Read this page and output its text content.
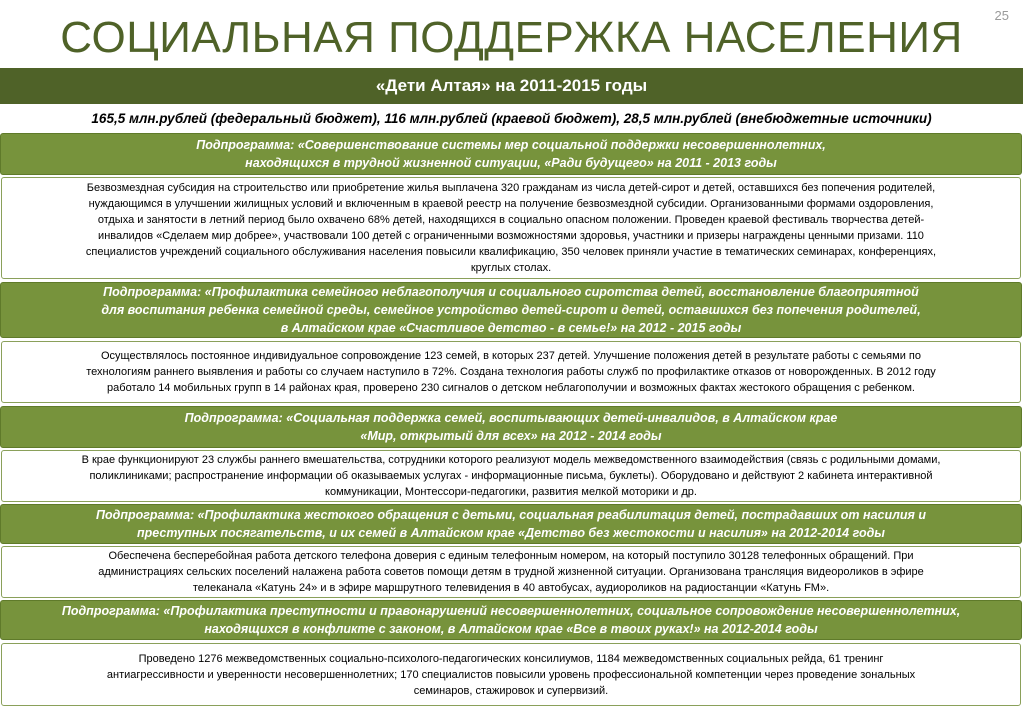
25
СОЦИАЛЬНАЯ ПОДДЕРЖКА НАСЕЛЕНИЯ
«Дети Алтая» на 2011-2015 годы
165,5 млн.рублей (федеральный бюджет), 116 млн.рублей (краевой бюджет), 28,5 млн.рублей (внебюджетные источники)
Подпрограмма: «Совершенствование системы мер социальной поддержки несовершеннолетних,
находящихся в трудной жизненной ситуации, «Ради будущего» на 2011 - 2013 годы
Безвозмездная субсидия на строительство или приобретение жилья выплачена 320 гражданам из числа детей-сирот и детей, оставшихся без попечения родителей,
нуждающимся в улучшении жилищных условий и включенным в краевой реестр на получение безвозмездной субсидии. Организованными формами оздоровления,
отдыха и занятости в летний период было охвачено 68% детей, находящихся в социально опасном положении. Проведен краевой фестиваль творчества детей-
инвалидов «Сделаем мир добрее», участвовали 100 детей с ограниченными возможностями здоровья, участники и призеры награждены ценными призами. 110
специалистов учреждений социального обслуживания населения повысили квалификацию, 350 человек приняли участие в тематических семинарах, конференциях,
круглых столах.
Подпрограмма: «Профилактика семейного неблагополучия и социального сиротства детей, восстановление благоприятной
для воспитания ребенка семейной среды, семейное устройство детей-сирот и детей, оставшихся без попечения родителей,
в Алтайском крае «Счастливое детство - в семье!» на 2012 - 2015 годы
Осуществлялось постоянное индивидуальное сопровождение 123 семей, в которых 237 детей. Улучшение положения детей в результате работы с семьями по
технологиям раннего выявления и работы со случаем наступило в 72%. Создана технология работы служб по профилактике отказов от новорожденных. В 2012 году
работало 14 мобильных групп в 14 районах края, проверено 230 сигналов о детском неблагополучии и возможных фактах жестокого обращения с ребенком.
Подпрограмма: «Социальная поддержка семей, воспитывающих детей-инвалидов, в Алтайском крае
«Мир, открытый для всех» на 2012 - 2014 годы
В крае функционируют 23 службы раннего вмешательства, сотрудники которого реализуют модель межведомственного взаимодействия (связь с родильными домами,
поликлиниками; распространение информации об оказываемых услугах - информационные письма, буклеты). Оборудовано и действуют 2 кабинета интерактивной
коммуникации, Монтессори-педагогики, развития мелкой моторики и др.
Подпрограмма: «Профилактика жестокого обращения с детьми, социальная реабилитация детей, пострадавших от насилия и
преступных посягательств, и их семей в Алтайском крае «Детство без жестокости и насилия» на 2012-2014 годы
Обеспечена бесперебойная работа детского телефона доверия с единым телефонным номером, на который поступило 30128 телефонных обращений. При
администрациях сельских поселений налажена работа советов помощи детям в трудной жизненной ситуации. Организована трансляция видеороликов в эфире
телеканала «Катунь 24» и в эфире маршрутного телевидения в 40 автобусах, аудиороликов на радиостанции «Катунь FM».
Подпрограмма: «Профилактика преступности и правонарушений несовершеннолетних, социальное сопровождение несовершеннолетних,
находящихся в конфликте с законом, в Алтайском крае «Все в твоих руках!» на 2012-2014 годы
Проведено 1276 межведомственных социально-психолого-педагогических консилиумов, 1184 межведомственных социальных рейда, 61 тренинг
антиагрессивности и уверенности несовершеннолетних; 170 специалистов повысили уровень профессиональной компетенции через проведение зональных
семинаров, стажировок и супервизий.
